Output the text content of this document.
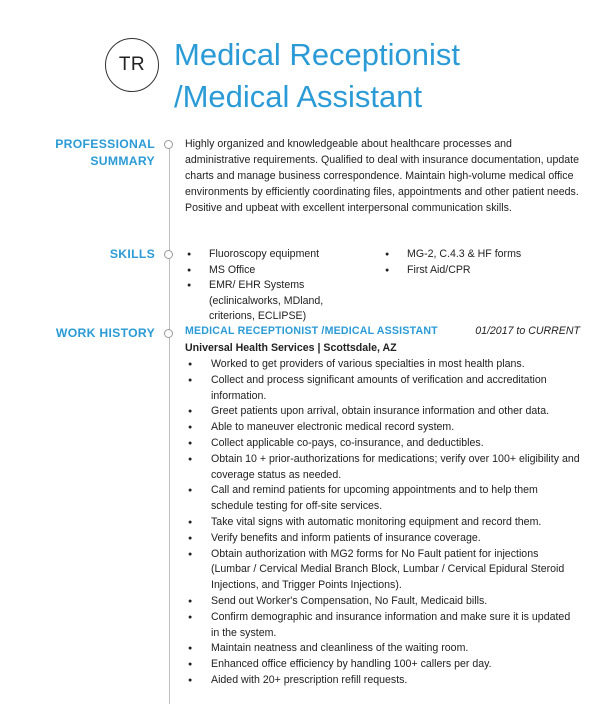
TR Medical Receptionist
/Medical Assistant
PROFESSIONAL
SUMMARY
Highly organized and knowledgeable about healthcare processes and administrative requirements. Qualified to deal with insurance documentation, update charts and manage business correspondence. Maintain high-volume medical office environments by efficiently coordinating files, appointments and other patient needs. Positive and upbeat with excellent interpersonal communication skills.
SKILLS
●	Fluoroscopy equipment
● MS Office
● EMR/ EHR Systems (eclinicalworks, MDland, criterions, ECLIPSE)
● MG-2, C.4.3 & HF forms
● First Aid/CPR
WORK HISTORY	MEDICAL RECEPTIONIST /MEDICAL ASSISTANT	01/2017 to CURRENT
Universal Health Services | Scottsdale, AZ
● Worked to get providers of various specialties in most health plans.
● Collect and process significant amounts of verification and accreditation information.
● Greet patients upon arrival, obtain insurance information and other data.
● Able to maneuver electronic medical record system.
● Collect applicable co-pays, co-insurance, and deductibles.
● Obtain 10 + prior-authorizations for medications; verify over 100+ eligibility and coverage status as needed.
● Call and remind patients for upcoming appointments and to help them schedule testing for off-site services.
● Take vital signs with automatic monitoring equipment and record them.
● Verify benefits and inform patients of insurance coverage.
● Obtain authorization with MG2 forms for No Fault patient for injections (Lumbar / Cervical Medial Branch Block, Lumbar / Cervical Epidural Steroid Injections, and Trigger Points Injections).
● Send out Worker's Compensation, No Fault, Medicaid bills.
● Confirm demographic and insurance information and make sure it is updated in the system.
● Maintain neatness and cleanliness of the waiting room.
● Enhanced office efficiency by handling 100+ callers per day.
● Aided with 20+ prescription refill requests.
